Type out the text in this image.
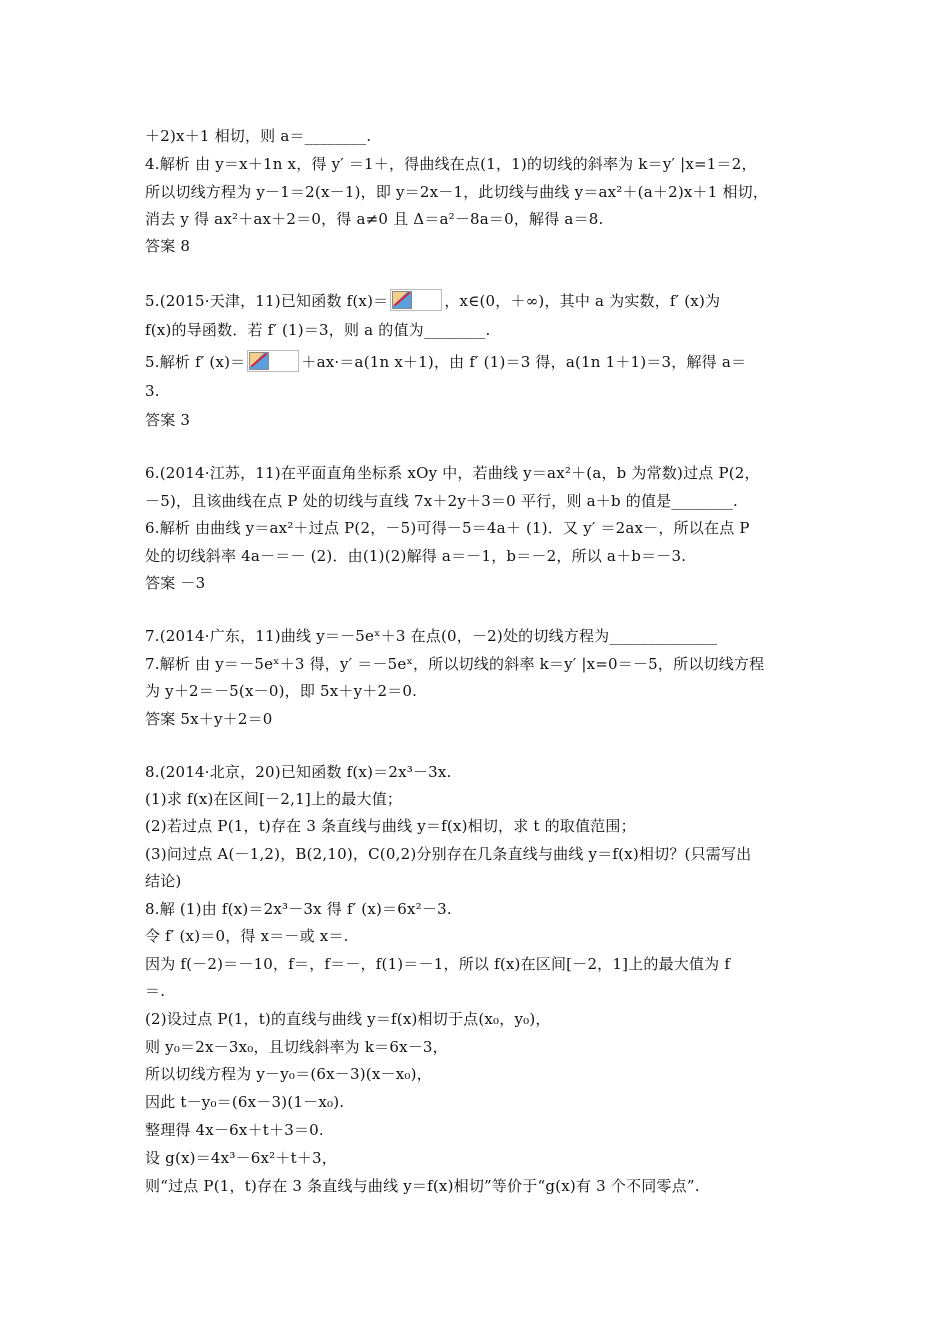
＋2)x＋1 相切，则 a＝________.
4.解析 由 y＝x＋1n x，得 y′ ＝1＋，得曲线在点(1，1)的切线的斜率为 k＝y′ |x=1＝2，
所以切线方程为 y－1＝2(x－1)，即 y＝2x－1，此切线与曲线 y＝ax²＋(a＋2)x＋1 相切，
消去 y 得 ax²＋ax＋2＝0，得 a≠0 且 Δ＝a²－8a＝0，解得 a＝8.
答案 8
5.(2015·天津，11)已知函数 f(x)＝	，x∈(0，＋∞)，其中 a 为实数，f′ (x)为
f(x)的导函数．若 f′ (1)＝3，则 a 的值为________.
5.解析 f′ (x)＝	＋ax·＝a(1n x＋1)，由 f′ (1)＝3 得，a(1n 1＋1)＝3，解得 a＝
3.
答案 3
6.(2014·江苏，11)在平面直角坐标系 xOy 中，若曲线 y＝ax²＋(a，b 为常数)过点 P(2，
－5)，且该曲线在点 P 处的切线与直线 7x＋2y＋3＝0 平行，则 a＋b 的值是________.
6.解析 由曲线 y＝ax²＋过点 P(2，－5)可得－5＝4a＋ (1)．又 y′ ＝2ax－，所以在点 P
处的切线斜率 4a－＝－ (2)．由(1)(2)解得 a＝－1，b＝－2，所以 a＋b＝－3.
答案 －3
7.(2014·广东，11)曲线 y＝－5eˣ＋3 在点(0，－2)处的切线方程为______________
7.解析 由 y＝－5eˣ＋3 得，y′ ＝－5eˣ，所以切线的斜率 k＝y′ |x=0＝－5，所以切线方程
为 y＋2＝－5(x－0)，即 5x＋y＋2＝0.
答案 5x＋y＋2＝0
8.(2014·北京，20)已知函数 f(x)＝2x³－3x.
(1)求 f(x)在区间[－2,1]上的最大值；
(2)若过点 P(1，t)存在 3 条直线与曲线 y＝f(x)相切，求 t 的取值范围；
(3)问过点 A(－1,2)，B(2,10)，C(0,2)分别存在几条直线与曲线 y＝f(x)相切？(只需写出
结论)
8.解 (1)由 f(x)＝2x³－3x 得 f′ (x)＝6x²－3.
令 f′ (x)＝0，得 x＝－或 x＝.
因为 f(－2)＝－10，f＝，f＝－，f(1)＝－1，所以 f(x)在区间[－2，1]上的最大值为 f
＝.
(2)设过点 P(1，t)的直线与曲线 y＝f(x)相切于点(x₀，y₀)，
则 y₀＝2x－3x₀，且切线斜率为 k＝6x－3，
所以切线方程为 y－y₀＝(6x－3)(x－x₀)，
因此 t－y₀＝(6x－3)(1－x₀).
整理得 4x－6x＋t＋3＝0.
设 g(x)＝4x³－6x²＋t＋3，
则“过点 P(1，t)存在 3 条直线与曲线 y＝f(x)相切”等价于“g(x)有 3 个不同零点”.
